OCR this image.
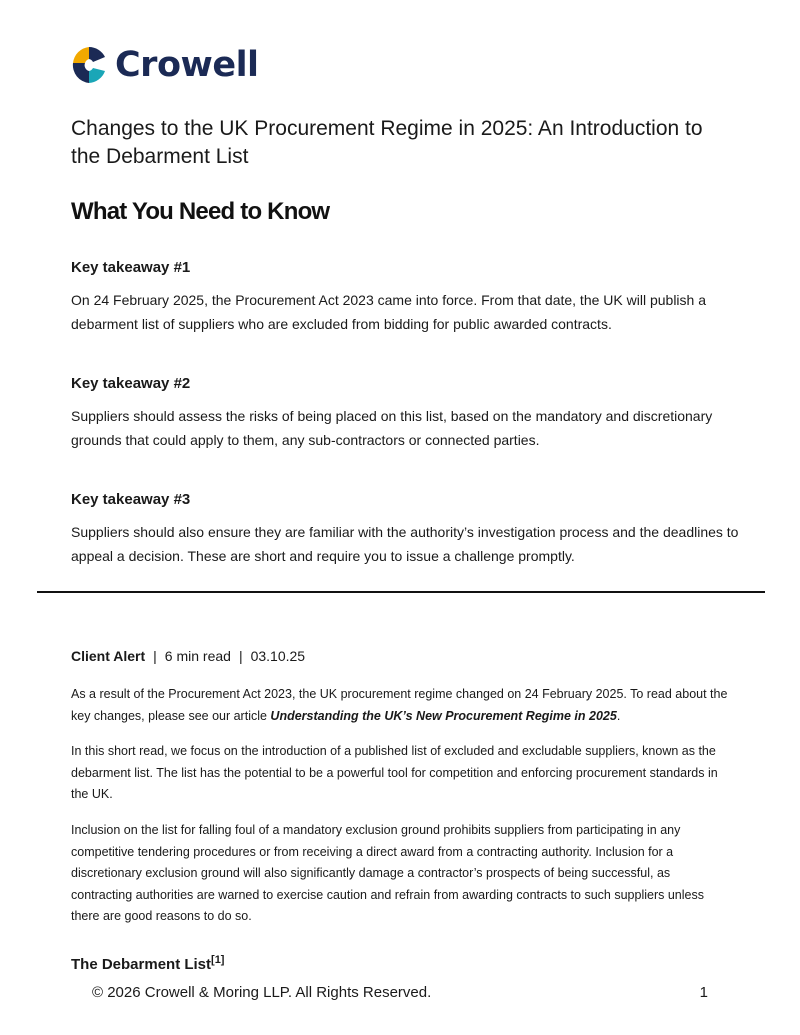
Crowell
Changes to the UK Procurement Regime in 2025: An Introduction to the Debarment List
What You Need to Know
Key takeaway #1

On 24 February 2025, the Procurement Act 2023 came into force. From that date, the UK will publish a debarment list of suppliers who are excluded from bidding for public awarded contracts.

Key takeaway #2

Suppliers should assess the risks of being placed on this list, based on the mandatory and discretionary grounds that could apply to them, any sub-contractors or connected parties.

Key takeaway #3

Suppliers should also ensure they are familiar with the authority’s investigation process and the deadlines to appeal a decision. These are short and require you to issue a challenge promptly.

Client Alert | 6 min read | 03.10.25

As a result of the Procurement Act 2023, the UK procurement regime changed on 24 February 2025. To read about the key changes, please see our article Understanding the UK’s New Procurement Regime in 2025.

In this short read, we focus on the introduction of a published list of excluded and excludable suppliers, known as the debarment list. The list has the potential to be a powerful tool for competition and enforcing procurement standards in the UK.

Inclusion on the list for falling foul of a mandatory exclusion ground prohibits suppliers from participating in any competitive tendering procedures or from receiving a direct award from a contracting authority. Inclusion for a discretionary exclusion ground will also significantly damage a contractor’s prospects of being successful, as contracting authorities are warned to exercise caution and refrain from awarding contracts to such suppliers unless there are good reasons to do so.

The Debarment List[1]
© 2026 Crowell & Moring LLP. All Rights Reserved.	1
